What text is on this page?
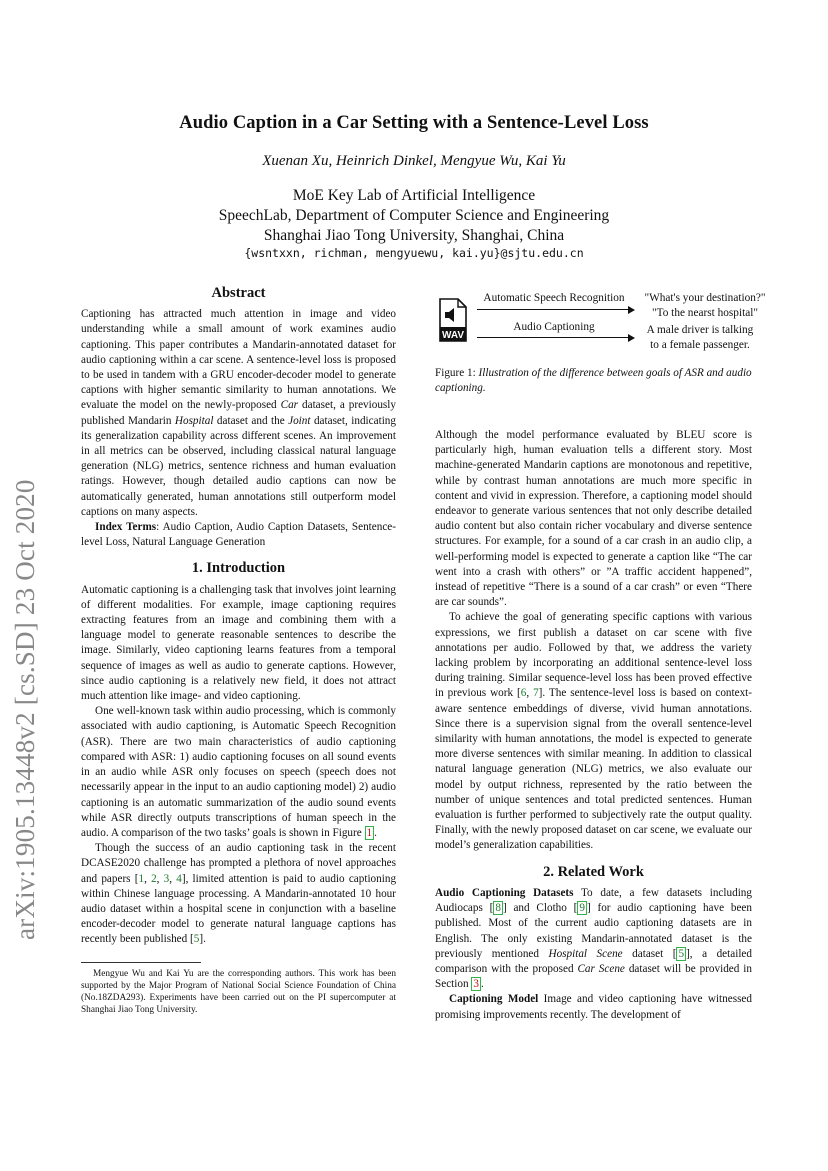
Audio Caption in a Car Setting with a Sentence-Level Loss
Xuenan Xu, Heinrich Dinkel, Mengyue Wu, Kai Yu
MoE Key Lab of Artificial Intelligence
SpeechLab, Department of Computer Science and Engineering
Shanghai Jiao Tong University, Shanghai, China
{wsntxxn, richman, mengyuewu, kai.yu}@sjtu.edu.cn
arXiv:1905.13448v2 [cs.SD] 23 Oct 2020
Abstract

Captioning has attracted much attention in image and video understanding while a small amount of work examines audio captioning. This paper contributes a Mandarin-annotated dataset for audio captioning within a car scene. A sentence-level loss is proposed to be used in tandem with a GRU encoder-decoder model to generate captions with higher semantic similarity to human annotations. We evaluate the model on the newly-proposed Car dataset, a previously published Mandarin Hospital dataset and the Joint dataset, indicating its generalization capability across different scenes. An improvement in all metrics can be observed, including classical natural language generation (NLG) metrics, sentence richness and human evaluation ratings. However, though detailed audio captions can now be automatically generated, human annotations still outperform model captions on many aspects.

Index Terms: Audio Caption, Audio Caption Datasets, Sentence-level Loss, Natural Language Generation

1. Introduction

Automatic captioning is a challenging task that involves joint learning of different modalities. For example, image captioning requires extracting features from an image and combining them with a language model to generate reasonable sentences to describe the image. Similarly, video captioning learns features from a temporal sequence of images as well as audio to generate captions. However, since audio captioning is a relatively new field, it does not attract much attention like image- and video captioning.

One well-known task within audio processing, which is commonly associated with audio captioning, is Automatic Speech Recognition (ASR). There are two main characteristics of audio captioning compared with ASR: 1) audio captioning focuses on all sound events in an audio while ASR only focuses on speech (speech does not necessarily appear in the input to an audio captioning model) 2) audio captioning is an automatic summarization of the audio sound events while ASR directly outputs transcriptions of human speech in the audio. A comparison of the two tasks’ goals is shown in Figure 1 .

Though the success of an audio captioning task in the recent DCASE2020 challenge has prompted a plethora of novel approaches and papers [1, 2, 3, 4], limited attention is paid to audio captioning within Chinese language processing. A Mandarin-annotated 10 hour audio dataset within a hospital scene in conjunction with a baseline encoder-decoder model to generate natural language captions has recently been published [5].

Mengyue Wu and Kai Yu are the corresponding authors. This work has been supported by the Major Program of National Social Science Foundation of China (No.18ZDA293). Experiments have been carried out on the PI supercomputer at Shanghai Jiao Tong University.
WAV
Automatic Speech Recognition
Audio Captioning
"What's your destination?"
"To the nearst hospital"
A male driver is talking
to a female passenger.
Figure 1: Illustration of the difference between goals of ASR and audio captioning.

Although the model performance evaluated by BLEU score is particularly high, human evaluation tells a different story. Most machine-generated Mandarin captions are monotonous and repetitive, while by contrast human annotations are much more specific in content and vivid in expression. Therefore, a captioning model should endeavor to generate various sentences that not only describe detailed audio content but also contain richer vocabulary and diverse sentence structures. For example, for a sound of a car crash in an audio clip, a well-performing model is expected to generate a caption like “The car went into a crash with others” or ”A traffic accident happened”, instead of repetitive “There is a sound of a car crash” or even “There are car sounds”.

To achieve the goal of generating specific captions with various expressions, we first publish a dataset on car scene with five annotations per audio. Followed by that, we address the variety lacking problem by incorporating an additional sentence-level loss during training. Similar sequence-level loss has been proved effective in previous work [6, 7]. The sentence-level loss is based on context-aware sentence embeddings of diverse, vivid human annotations. Since there is a supervision signal from the overall sentence-level similarity with human annotations, the model is expected to generate more diverse sentences with similar meaning. In addition to classical natural language generation (NLG) metrics, we also evaluate our model by output richness, represented by the ratio between the number of unique sentences and total predicted sentences. Human evaluation is further performed to subjectively rate the output quality. Finally, with the newly proposed dataset on car scene, we evaluate our model’s generalization capabilities.

2. Related Work

Audio Captioning Datasets To date, a few datasets including Audiocaps [ 8 ] and Clotho [ 9 ] for audio captioning have been published. Most of the current audio captioning datasets are in English. The only existing Mandarin-annotated dataset is the previously mentioned Hospital Scene dataset [ 5 ], a detailed comparison with the proposed Car Scene dataset will be provided in Section 3 .

Captioning Model Image and video captioning have witnessed promising improvements recently. The development of
